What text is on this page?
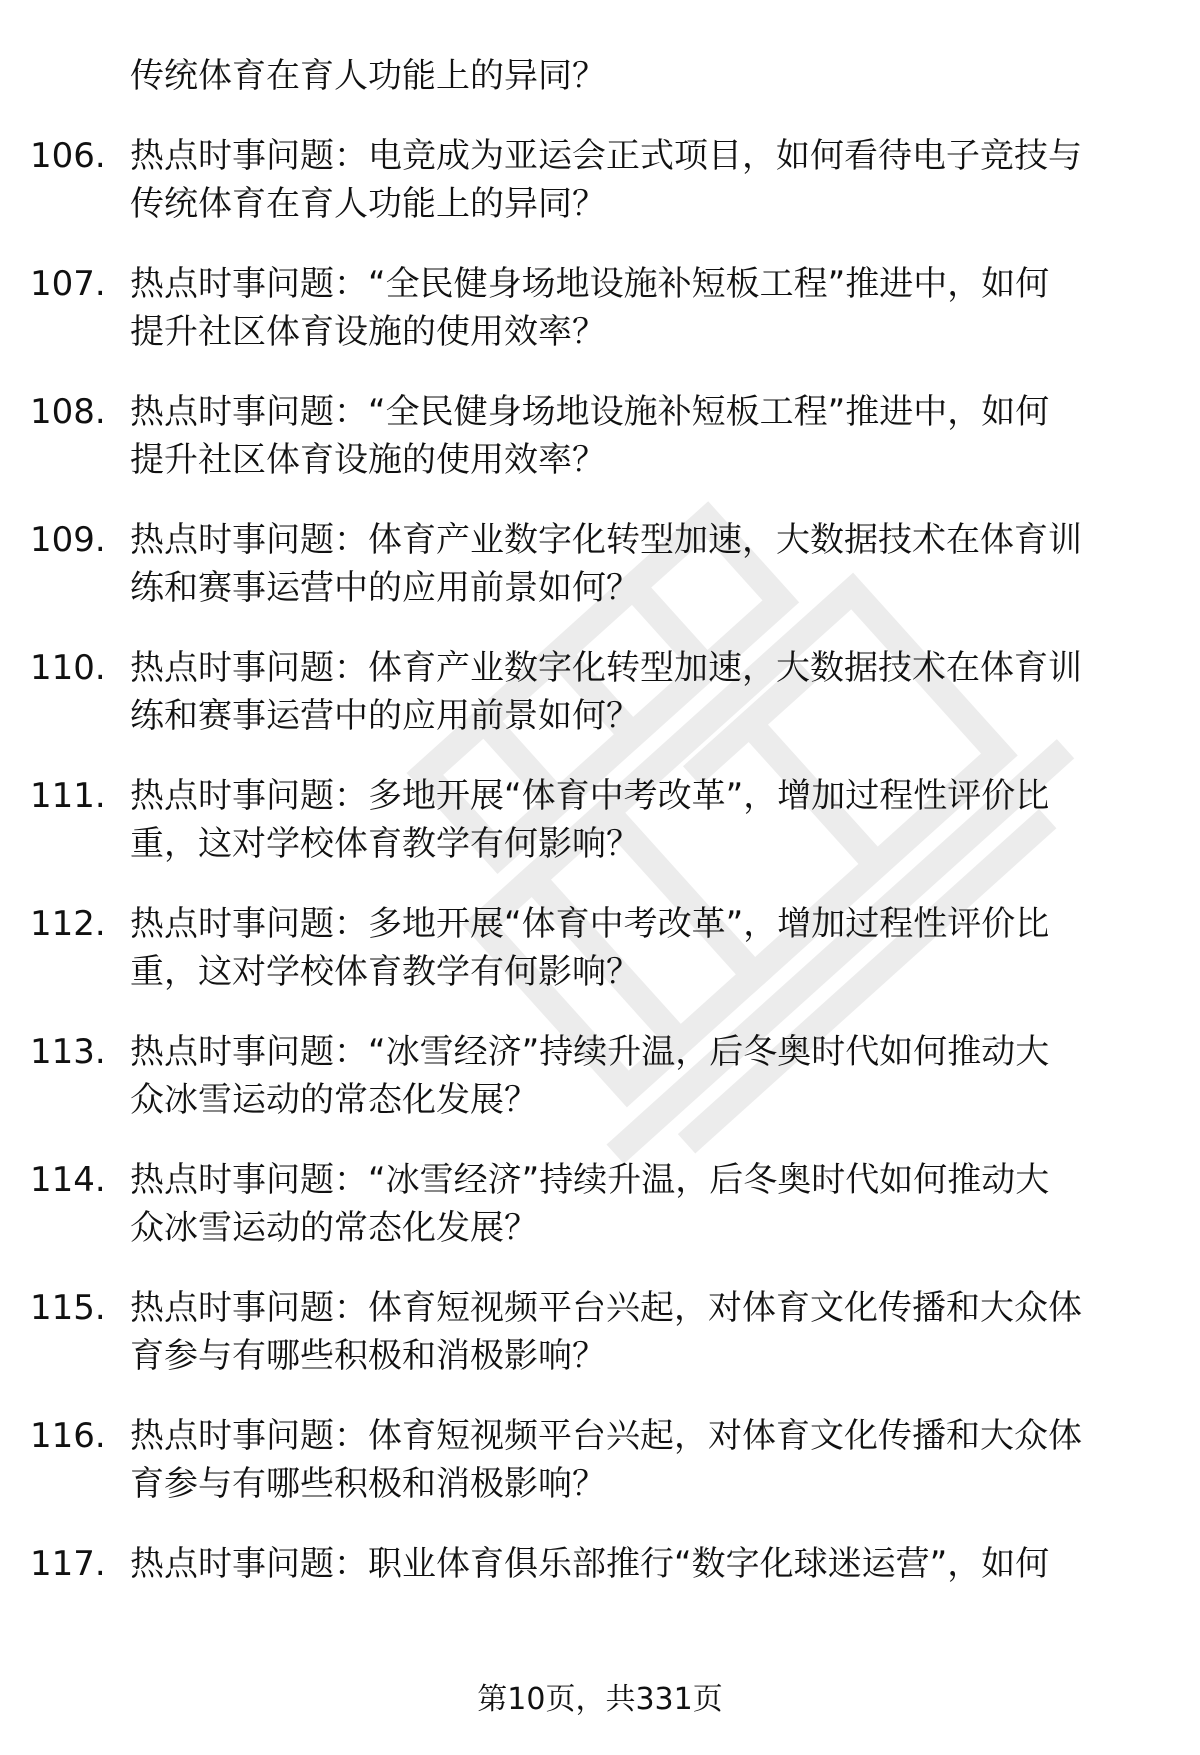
传统体育在育人功能上的异同？
106. 热点时事问题：电竞成为亚运会正式项目，如何看待电子竞技与
传统体育在育人功能上的异同？
107. 热点时事问题：“全民健身场地设施补短板工程”推进中，如何
提升社区体育设施的使用效率？
108. 热点时事问题：“全民健身场地设施补短板工程”推进中，如何
提升社区体育设施的使用效率？
109. 热点时事问题：体育产业数字化转型加速，大数据技术在体育训
练和赛事运营中的应用前景如何？
110. 热点时事问题：体育产业数字化转型加速，大数据技术在体育训
练和赛事运营中的应用前景如何？
111. 热点时事问题：多地开展“体育中考改革”，增加过程性评价比
重，这对学校体育教学有何影响？
112. 热点时事问题：多地开展“体育中考改革”，增加过程性评价比
重，这对学校体育教学有何影响？
113. 热点时事问题：“冰雪经济”持续升温，后冬奥时代如何推动大
众冰雪运动的常态化发展？
114. 热点时事问题：“冰雪经济”持续升温，后冬奥时代如何推动大
众冰雪运动的常态化发展？
115. 热点时事问题：体育短视频平台兴起，对体育文化传播和大众体
育参与有哪些积极和消极影响？
116. 热点时事问题：体育短视频平台兴起，对体育文化传播和大众体
育参与有哪些积极和消极影响？
117. 热点时事问题：职业体育俱乐部推行“数字化球迷运营”，如何
第10页，共331页
